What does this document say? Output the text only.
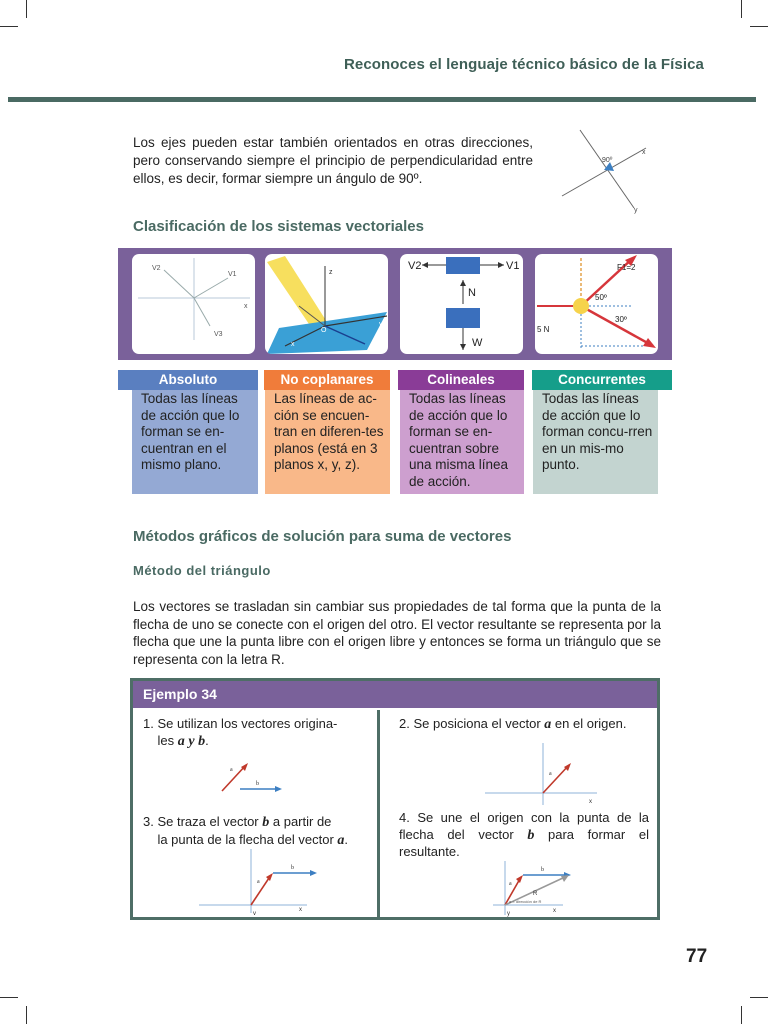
Reconoces el lenguaje técnico básico de la Física
Los ejes pueden estar también orientados en otras direcciones, pero conservando siempre el principio de perpendicularidad entre ellos, es decir, formar siempre un ángulo de 90º.
90º
x
y
Clasificación de los sistemas vectoriales
V2
V1
V3
x
z
O
x
y
V2	V1
N
W
F1=2
50º
30º
5 N
Absoluto	No coplanares	Colineales	Concurrentes
Todas las líneas de acción que lo forman se en-cuentran en el mismo plano.
Las líneas de ac-ción se encuen-tran en diferen-tes planos (está en 3 planos x, y, z).
Todas las líneas de acción que lo forman se en-cuentran sobre una misma línea de acción.
Todas las líneas de acción que lo forman concu-rren en un mis-mo punto.
Métodos gráficos de solución para suma de vectores
Método del triángulo
Los vectores se trasladan sin cambiar sus propiedades de tal forma que la punta de la flecha de uno se conecte con el origen del otro. El vector resultante se representa por la flecha que une la punta libre con el origen libre y entonces se forma un triángulo que se representa con la letra R.
Ejemplo 34
1. Se utilizan los vectores origina-
les a y b.
a
b
2. Se posiciona el vector a en el origen.
a
x
3. Se traza el vector b a partir de
la punta de la flecha del vector a.
a
b
x
y
4. Se une el origen con la punta de la flecha del vector b para formar el resultante.
a
b
R
α = dirección de R
x
y
77
